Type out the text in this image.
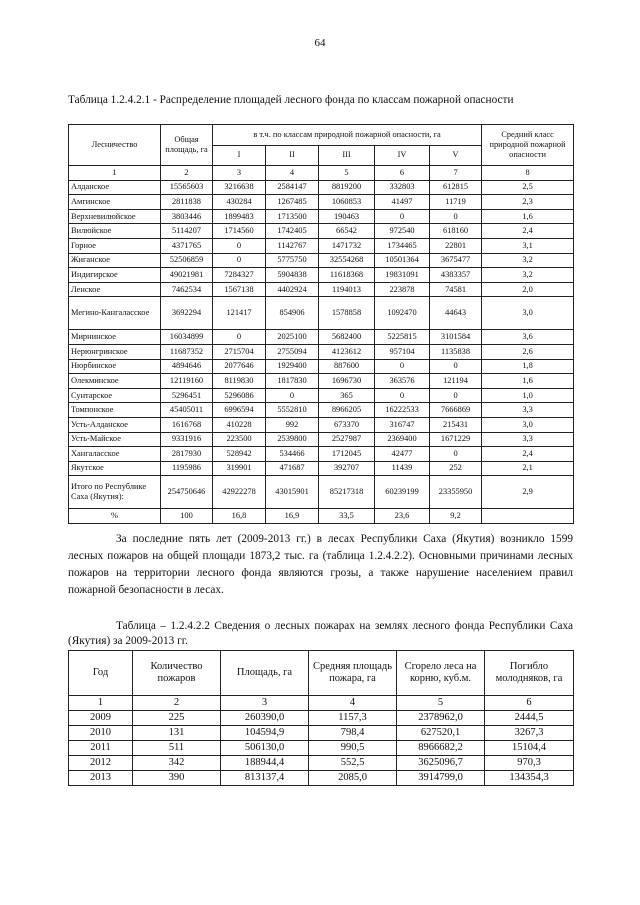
64
Таблица 1.2.4.2.1 - Распределение площадей лесного фонда по классам пожарной опасности
Лесничество	Общая площадь, га	в т.ч. по классам природной пожарной опасности, га					Средний класс природной пожарной опасности
		I	II	III	IV	V	
1	2	3	4	5	6	7	8
Алданское	15565603	3216638	2584147	8819200	332803	612815	2,5
Амгинское	2811838	430284	1267485	1060853	41497	11719	2,3
Верхневилюйское	3803446	1899483	1713500	190463	0	0	1,6
Вилюйское	5114207	1714560	1742405	66542	972540	618160	2,4
Горное	4371765	0	1142767	1471732	1734465	22801	3,1
Жиганское	52506859	0	5775750	32554268	10501364	3675477	3,2
Индигирское	49021981	7284327	5904838	11618368	19831091	4383357	3,2
Ленское	7462534	1567138	4402924	1194013	223878	74581	2,0
Мегино-Кангаласское	3692294	121417	854906	1578858	1092470	44643	3,0
Мирнинское	16034899	0	2025100	5682400	5225815	3101584	3,6
Нерюнгринское	11687352	2715704	2755094	4123612	957104	1135838	2,6
Нюрбинское	4894646	2077646	1929400	887600	0	0	1,8
Олекминское	12119160	8119830	1817830	1696730	363576	121194	1,6
Сунтарское	5296451	5296086	0	365	0	0	1,0
Томпонское	45405011	6996594	5552810	8966205	16222533	7666869	3,3
Усть-Алданское	1616768	410228	992	673370	316747	215431	3,0
Усть-Майское	9331916	223500	2539800	2527987	2369400	1671229	3,3
Хангаласское	2817930	528942	534466	1712045	42477	0	2,4
Якутское	1195986	319901	471687	392707	11439	252	2,1
Итого по Республике Саха (Якутия):	254750646	42922278	43015901	85217318	60239199	23355950	2,9
%	100	16,8	16,9	33,5	23,6	9,2	
За последние пять лет (2009-2013 гг.) в лесах Республики Саха (Якутия) возникло 1599 лесных пожаров на общей площади 1873,2 тыс. га (таблица 1.2.4.2.2). Основными причинами лесных пожаров на территории лесного фонда являются грозы, а также нарушение населением правил пожарной безопасности в лесах.
Таблица – 1.2.4.2.2 Сведения о лесных пожарах на землях лесного фонда Республики Саха (Якутия) за 2009-2013 гг.
Год	Количество пожаров	Площадь, га	Средняя площадь пожара, га	Сгорело леса на корню, куб.м.	Погибло молодняков, га
1	2	3	4	5	6
2009	225	260390,0	1157,3	2378962,0	2444,5
2010	131	104594,9	798,4	627520,1	3267,3
2011	511	506130,0	990,5	8966682,2	15104,4
2012	342	188944,4	552,5	3625096,7	970,3
2013	390	813137,4	2085,0	3914799,0	134354,3
